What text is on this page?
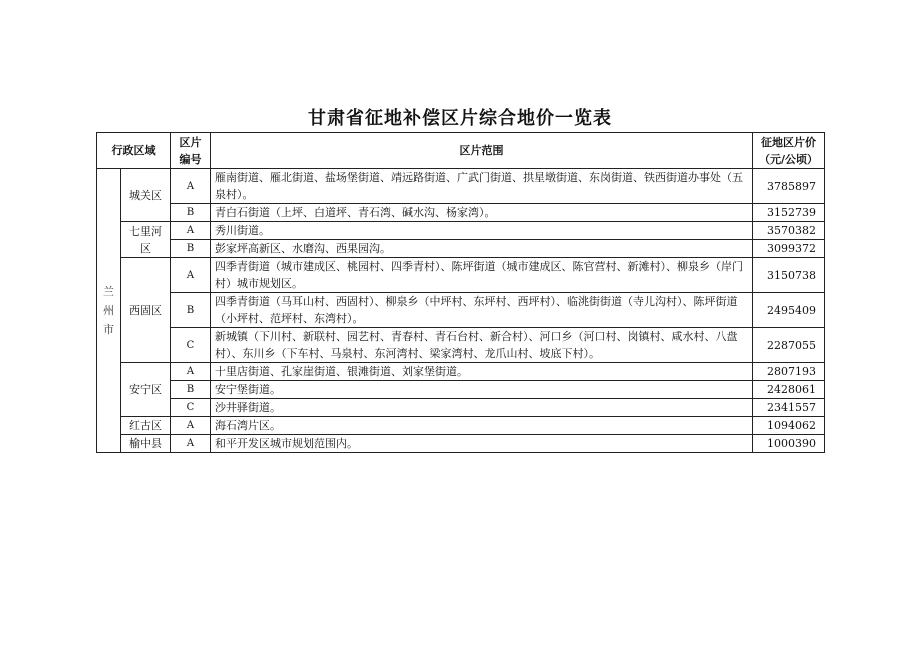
甘肃省征地补偿区片综合地价一览表
行政区域		区片
编号	区片范围	征地区片价
（元/公顷）

兰
州
市	城关区	A	雁南街道、雁北街道、盐场堡街道、靖远路街道、广武门街道、拱星墩街道、东岗街道、铁西街道办事处（五泉村）。	3785897
		B	青白石街道（上坪、白道坪、青石湾、碱水沟、杨家湾）。	3152739
	七里河
区	A	秀川街道。	3570382
		B	彭家坪高新区、水磨沟、西果园沟。	3099372
	西固区	A	四季青街道（城市建成区、桃园村、四季青村）、陈坪街道（城市建成区、陈官营村、新滩村）、柳泉乡（岸门村）城市规划区。	3150738
		B	四季青街道（马耳山村、西固村）、柳泉乡（中坪村、东坪村、西坪村）、临洮街街道（寺儿沟村）、陈坪街道（小坪村、范坪村、东湾村）。	2495409
		C	新城镇（下川村、新联村、园艺村、青春村、青石台村、新合村）、河口乡（河口村、岗镇村、咸水村、八盘村）、东川乡（下车村、马泉村、东河湾村、梁家湾村、龙爪山村、坡底下村）。	2287055
	安宁区	A	十里店街道、孔家崖街道、银滩街道、刘家堡街道。	2807193
		B	安宁堡街道。	2428061
		C	沙井驿街道。	2341557
	红古区	A	海石湾片区。	1094062
	榆中县	A	和平开发区城市规划范围内。	1000390
